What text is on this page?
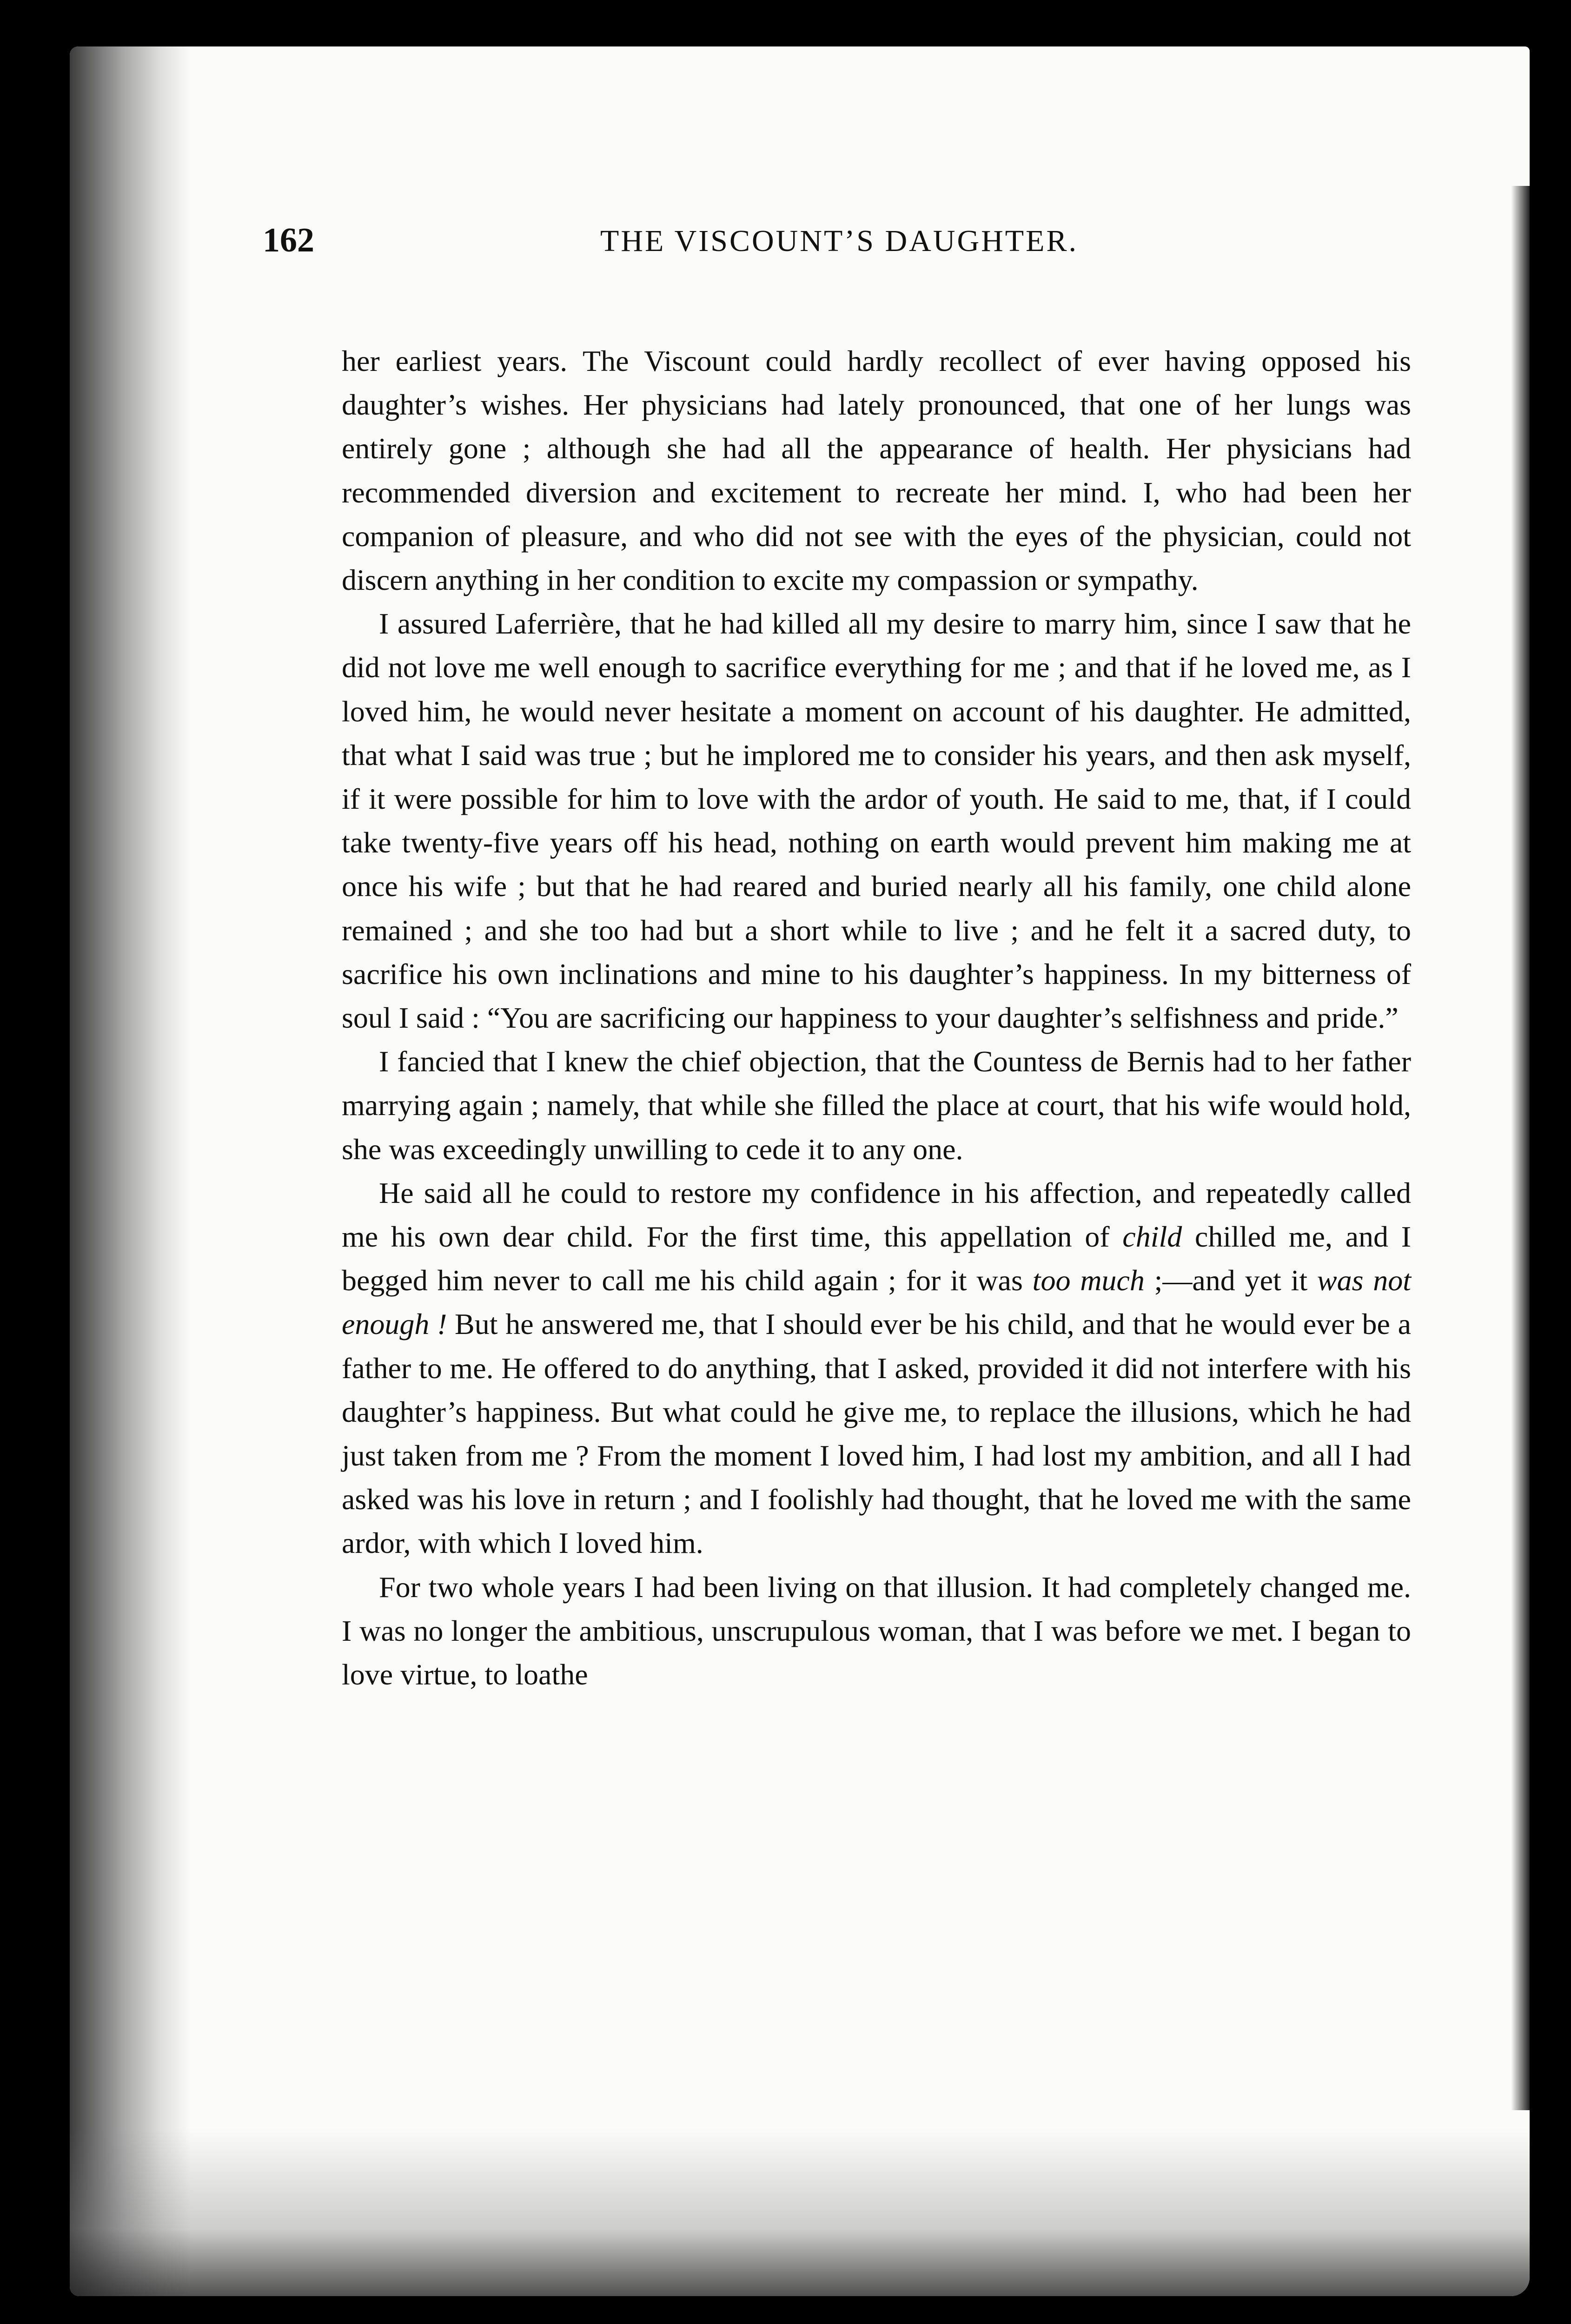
162	THE VISCOUNT’S DAUGHTER.

her earliest years. The Viscount could hardly recollect of ever having opposed his daughter’s wishes. Her physicians had lately pronounced, that one of her lungs was entirely gone ; although she had all the appearance of health. Her physicians had recommended diversion and excitement to recreate her mind. I, who had been her companion of pleasure, and who did not see with the eyes of the physician, could not discern anything in her condition to excite my compassion or sympathy.

I assured Laferrière, that he had killed all my desire to marry him, since I saw that he did not love me well enough to sacrifice everything for me ; and that if he loved me, as I loved him, he would never hesitate a moment on account of his daughter. He admitted, that what I said was true ; but he implored me to consider his years, and then ask myself, if it were possible for him to love with the ardor of youth. He said to me, that, if I could take twenty-five years off his head, nothing on earth would prevent him making me at once his wife ; but that he had reared and buried nearly all his family, one child alone remained ; and she too had but a short while to live ; and he felt it a sacred duty, to sacrifice his own inclinations and mine to his daughter’s happiness. In my bitterness of soul I said : “You are sacrificing our happiness to your daughter’s selfishness and pride.”

I fancied that I knew the chief objection, that the Countess de Bernis had to her father marrying again ; namely, that while she filled the place at court, that his wife would hold, she was exceedingly unwilling to cede it to any one.

He said all he could to restore my confidence in his affection, and repeatedly called me his own dear child. For the first time, this appellation of child chilled me, and I begged him never to call me his child again ; for it was too much ;—and yet it was not enough ! But he answered me, that I should ever be his child, and that he would ever be a father to me. He offered to do anything, that I asked, provided it did not interfere with his daughter’s happiness. But what could he give me, to replace the illusions, which he had just taken from me ? From the moment I loved him, I had lost my ambition, and all I had asked was his love in return ; and I foolishly had thought, that he loved me with the same ardor, with which I loved him.

For two whole years I had been living on that illusion. It had completely changed me. I was no longer the ambitious, unscrupulous woman, that I was before we met. I began to love virtue, to loathe
